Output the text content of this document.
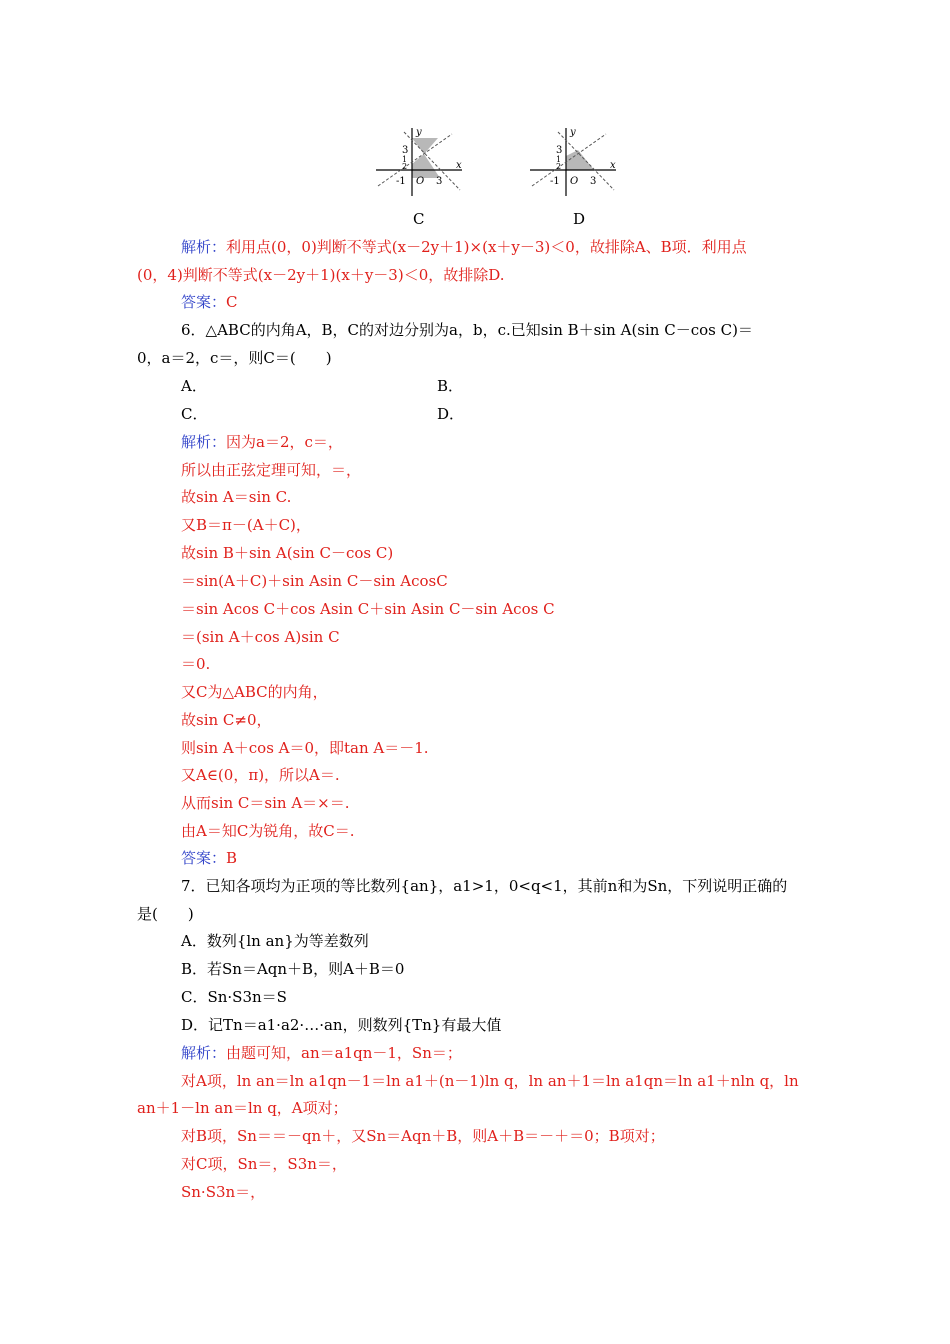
y
x
3
1
2
-1 O 3
C
y
x
3
1
2
-1 O 3
D
解析：利用点(0，0)判断不等式(x－2y＋1)×(x＋y－3)＜0，故排除A、B项．利用点
(0，4)判断不等式(x－2y＋1)(x＋y－3)＜0，故排除D.
答案：C
6．△ABC的内角A，B，C的对边分别为a，b，c.已知sin B＋sin A(sin C－cos C)＝
0，a＝2，c＝，则C＝(　　)
A．	B．
C．	D．
解析：因为a＝2，c＝，
所以由正弦定理可知，＝，
故sin A＝sin C.
又B＝π－(A＋C)，
故sin B＋sin A(sin C－cos C)
＝sin(A＋C)＋sin Asin C－sin AcosC
＝sin Acos C＋cos Asin C＋sin Asin C－sin Acos C
＝(sin A＋cos A)sin C
＝0.
又C为△ABC的内角，
故sin C≠0，
则sin A＋cos A＝0，即tan A＝－1.
又A∈(0，π)，所以A＝.
从而sin C＝sin A＝×＝.
由A＝知C为锐角，故C＝.
答案：B
7．已知各项均为正项的等比数列{an}，a1>1，0<q<1，其前n和为Sn，下列说明正确的
是(　　)
A．数列{ln an}为等差数列
B．若Sn＝Aqn＋B，则A＋B＝0
C．Sn·S3n＝S
D．记Tn＝a1·a2·…·an，则数列{Tn}有最大值
解析：由题可知，an＝a1qn－1，Sn＝；
对A项，ln an＝ln a1qn－1＝ln a1＋(n－1)ln q，ln an＋1＝ln a1qn＝ln a1＋nln q，ln
an＋1－ln an＝ln q，A项对；
对B项，Sn＝＝－qn＋，又Sn＝Aqn＋B，则A＋B＝－＋＝0；B项对；
对C项，Sn＝，S3n＝，
Sn·S3n＝，
